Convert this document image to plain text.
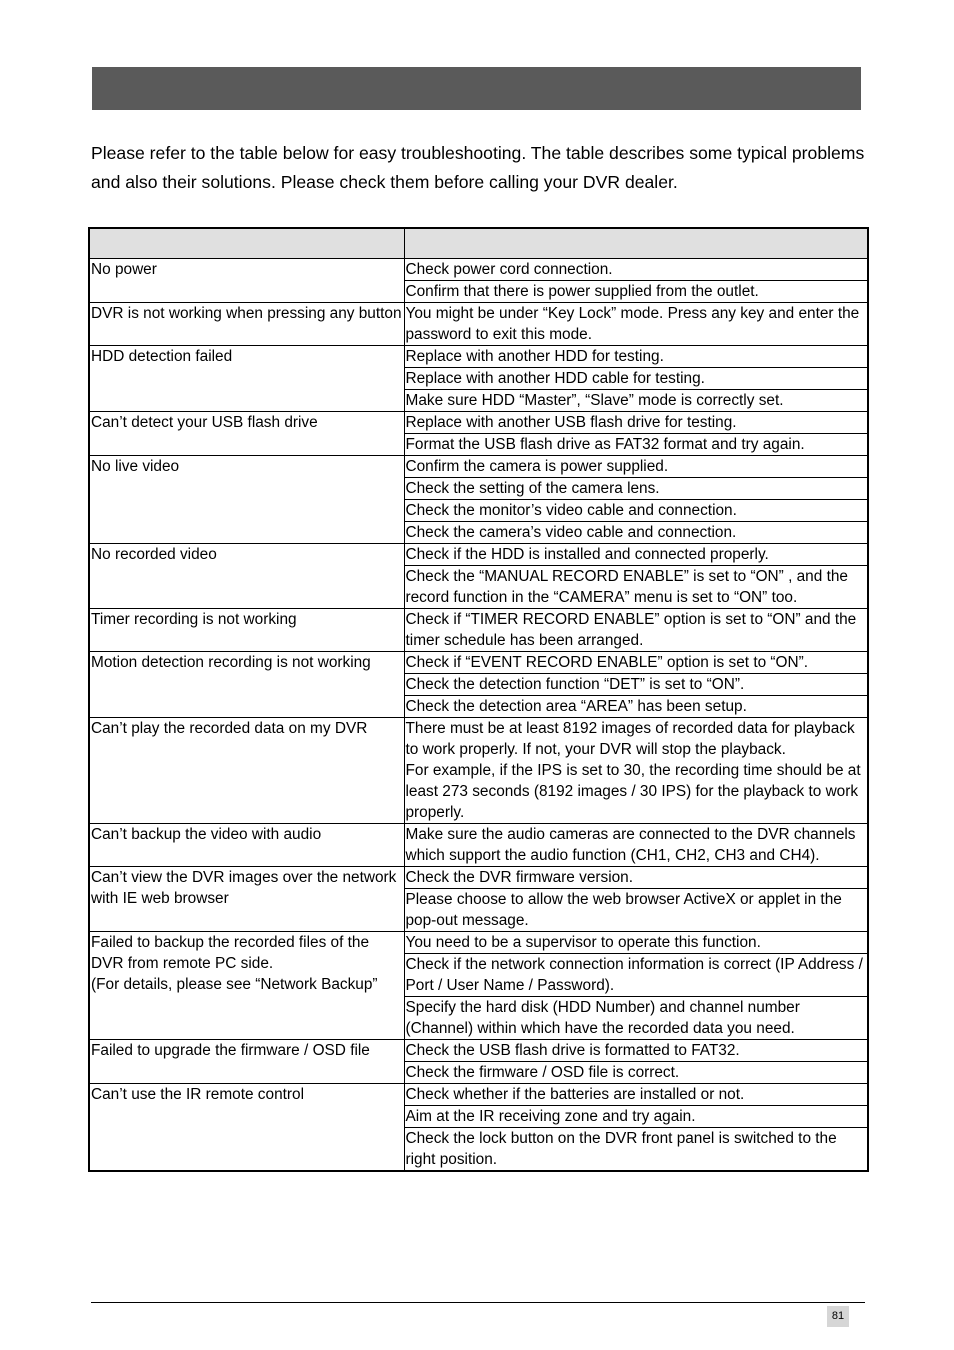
Please refer to the table below for easy troubleshooting. The table describes some typical problems and also their solutions. Please check them before calling your DVR dealer.

No power	Check power cord connection.
	Confirm that there is power supplied from the outlet.
DVR is not working when pressing any button	You might be under “Key Lock” mode. Press any key and enter the password to exit this mode.
HDD detection failed	Replace with another HDD for testing.
	Replace with another HDD cable for testing.
	Make sure HDD “Master”, “Slave” mode is correctly set.
Can’t detect your USB flash drive	Replace with another USB flash drive for testing.
	Format the USB flash drive as FAT32 format and try again.
No live video	Confirm the camera is power supplied.
	Check the setting of the camera lens.
	Check the monitor’s video cable and connection.
	Check the camera’s video cable and connection.
No recorded video	Check if the HDD is installed and connected properly.
	Check the “MANUAL RECORD ENABLE” is set to “ON” , and the record function in the “CAMERA” menu is set to “ON” too.
Timer recording is not working	Check if “TIMER RECORD ENABLE” option is set to “ON” and the timer schedule has been arranged.
Motion detection recording is not working	Check if “EVENT RECORD ENABLE” option is set to “ON”.
	Check the detection function “DET” is set to “ON”.
	Check the detection area “AREA” has been setup.
Can’t play the recorded data on my DVR	There must be at least 8192 images of recorded data for playback to work properly. If not, your DVR will stop the playback.
For example, if the IPS is set to 30, the recording time should be at least 273 seconds (8192 images / 30 IPS) for the playback to work properly.
Can’t backup the video with audio	Make sure the audio cameras are connected to the DVR channels which support the audio function (CH1, CH2, CH3 and CH4).
Can’t view the DVR images over the network with IE web browser	Check the DVR firmware version.
	Please choose to allow the web browser ActiveX or applet in the pop-out message.
Failed to backup the recorded files of the DVR from remote PC side.
(For details, please see “Network Backup”	You need to be a supervisor to operate this function.
	Check if the network connection information is correct (IP Address / Port / User Name / Password).
	Specify the hard disk (HDD Number) and channel number (Channel) within which have the recorded data you need.
Failed to upgrade the firmware / OSD file	Check the USB flash drive is formatted to FAT32.
	Check the firmware / OSD file is correct.
Can’t use the IR remote control	Check whether if the batteries are installed or not.
	Aim at the IR receiving zone and try again.
	Check the lock button on the DVR front panel is switched to the right position.
81
